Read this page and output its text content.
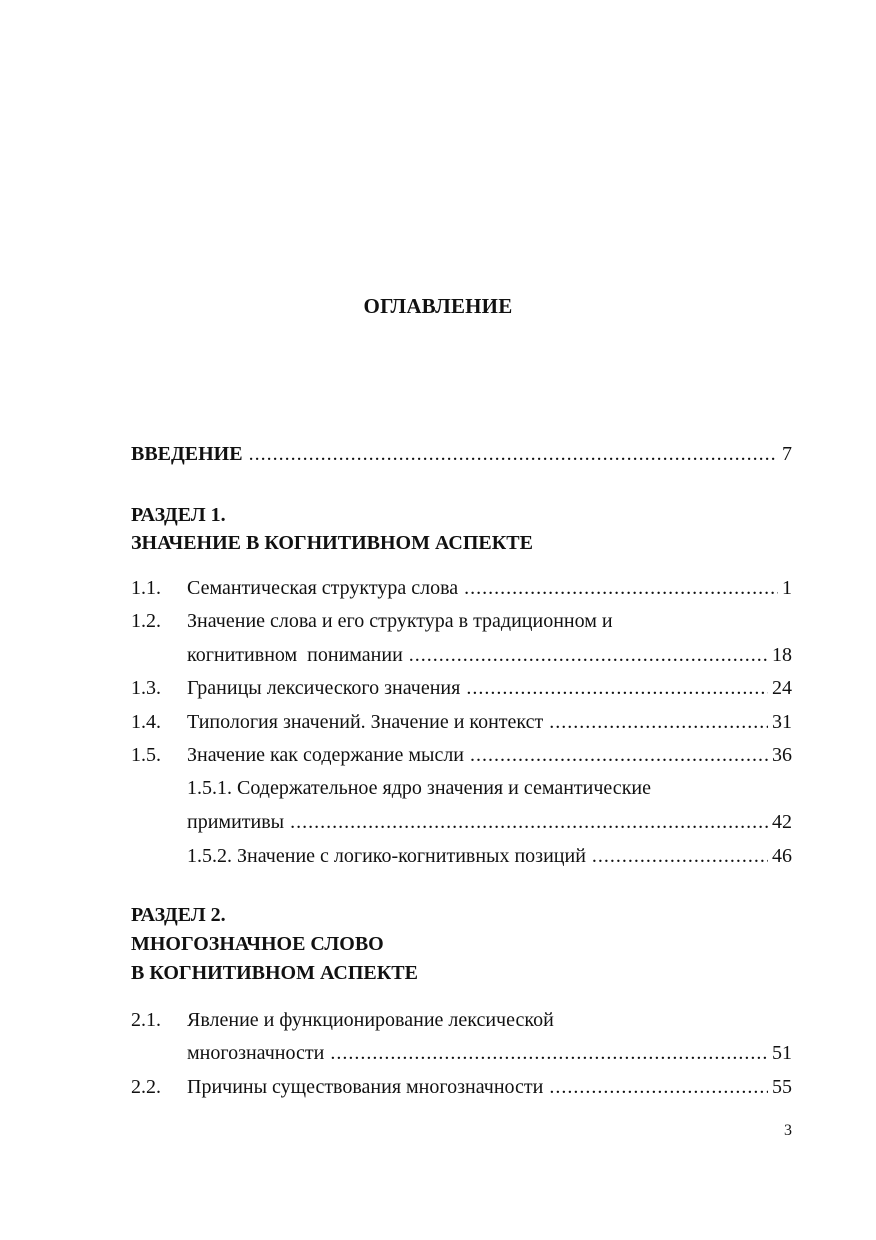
ОГЛАВЛЕНИЕ
ВВЕДЕНИЕ .....	7
РАЗДЕЛ 1.
ЗНАЧЕНИЕ В КОГНИТИВНОМ АСПЕКТЕ
1.1. Семантическая структура слова .....	1
1.2. Значение слова и его структура в традиционном и
когнитивном  понимании .....	18
1.3. Границы лексического значения .....	24
1.4. Типология значений. Значение и контекст .....	31
1.5. Значение как содержание мысли .....	36
1.5.1. Содержательное ядро значения и семантические
примитивы .....	42
1.5.2. Значение с логико-когнитивных позиций .....	46
РАЗДЕЛ 2.
МНОГОЗНАЧНОЕ СЛОВО
В КОГНИТИВНОМ АСПЕКТЕ
2.1. Явление и функционирование лексической
многозначности .....	51
2.2. Причины существования многозначности .....	55
3
